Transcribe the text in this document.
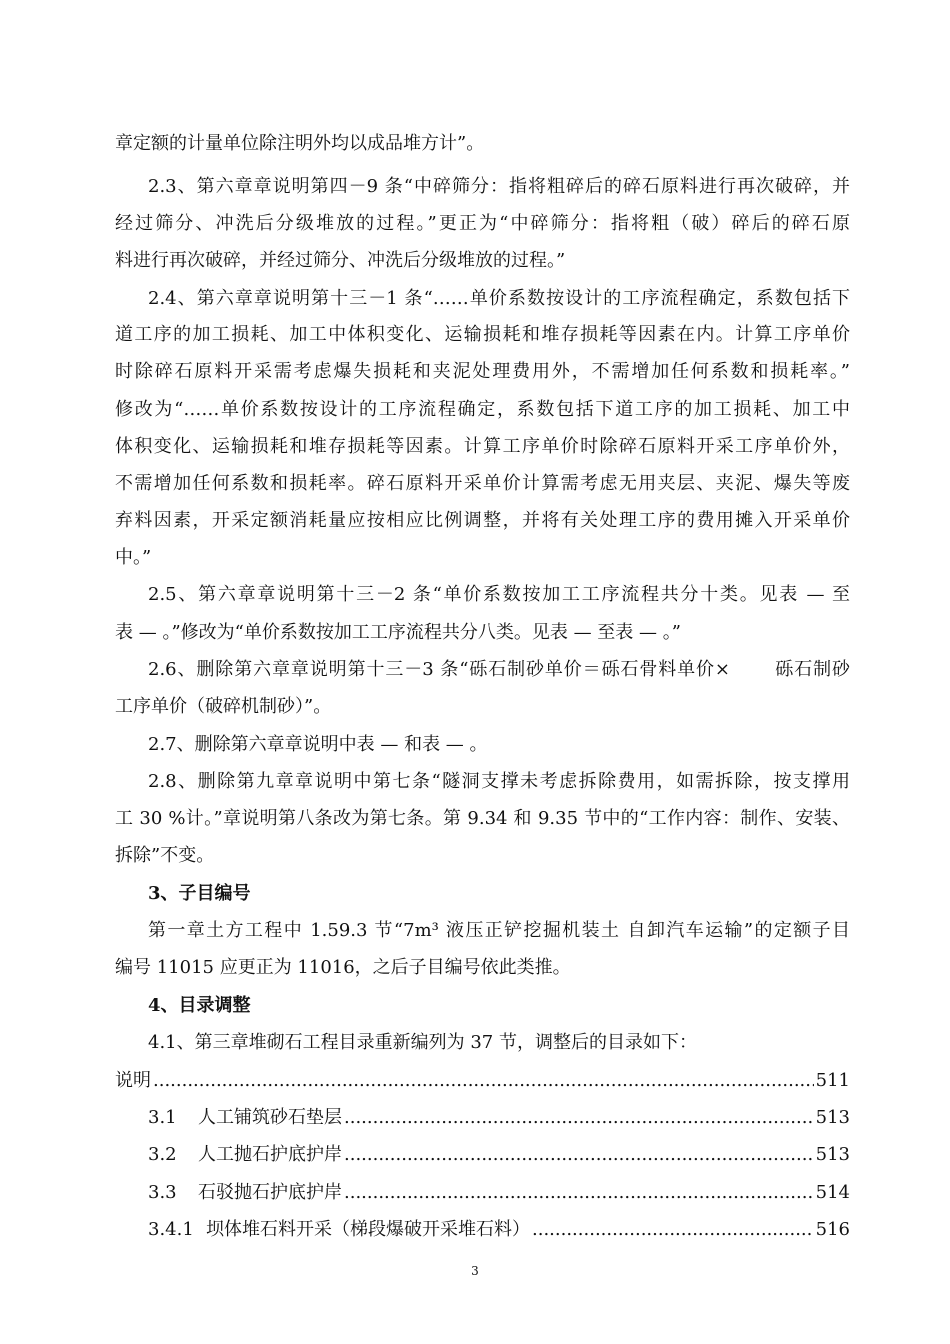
章定额的计量单位除注明外均以成品堆方计”。
2.3、第六章章说明第四－9 条“中碎筛分：指将粗碎后的碎石原料进行再次破碎，并
经过筛分、冲洗后分级堆放的过程。”更正为“中碎筛分：指将粗（破）碎后的碎石原
料进行再次破碎，并经过筛分、冲洗后分级堆放的过程。”
2.4、第六章章说明第十三－1 条“……单价系数按设计的工序流程确定，系数包括下
道工序的加工损耗、加工中体积变化、运输损耗和堆存损耗等因素在内。计算工序单价
时除碎石原料开采需考虑爆失损耗和夹泥处理费用外，不需增加任何系数和损耗率。”
修改为“……单价系数按设计的工序流程确定，系数包括下道工序的加工损耗、加工中
体积变化、运输损耗和堆存损耗等因素。计算工序单价时除碎石原料开采工序单价外，
不需增加任何系数和损耗率。碎石原料开采单价计算需考虑无用夹层、夹泥、爆失等废
弃料因素，开采定额消耗量应按相应比例调整，并将有关处理工序的费用摊入开采单价
中。”
2.5、第六章章说明第十三－2 条“单价系数按加工工序流程共分十类。见表 — 至
表 — 。”修改为“单价系数按加工工序流程共分八类。见表 — 至表 — 。”
2.6、删除第六章章说明第十三－3 条“砾石制砂单价＝砾石骨料单价×　　 砾石制砂
工序单价（破碎机制砂）”。
2.7、删除第六章章说明中表 — 和表 — 。
2.8、删除第九章章说明中第七条“隧洞支撑未考虑拆除费用，如需拆除，按支撑用
工 30 %计。”章说明第八条改为第七条。第 9.34 和 9.35 节中的“工作内容：制作、安装、
拆除”不变。
3、子目编号
第一章土方工程中 1.59.3 节“7m³ 液压正铲挖掘机装土 自卸汽车运输”的定额子目
编号 11015 应更正为 11016，之后子目编号依此类推。
4、目录调整
4.1、第三章堆砌石工程目录重新编列为 37 节，调整后的目录如下：
说明 .....	511
3.1	人工铺筑砂石垫层 .....	513
3.2	人工抛石护底护岸 .....	513
3.3	石驳抛石护底护岸 .....	514
3.4.1 坝体堆石料开采（梯段爆破开采堆石料） .....	516
3
